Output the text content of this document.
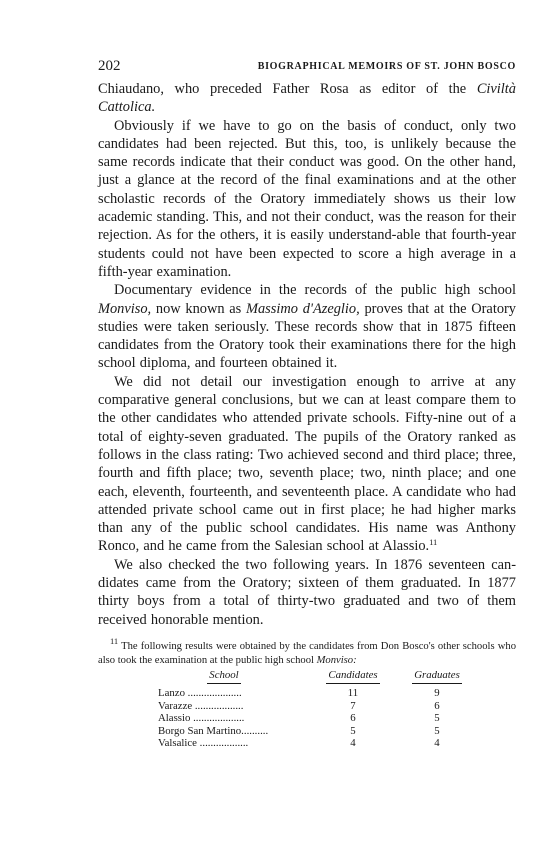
202	BIOGRAPHICAL MEMOIRS OF ST. JOHN BOSCO

Chiaudano, who preceded Father Rosa as editor of the Civiltà Cattolica.

Obviously if we have to go on the basis of conduct, only two candidates had been rejected. But this, too, is unlikely because the same records indicate that their conduct was good. On the other hand, just a glance at the record of the final examinations and at the other scholastic records of the Oratory immediately shows us their low academic standing. This, and not their conduct, was the reason for their rejection. As for the others, it is easily understand-able that fourth-year students could not have been expected to score a high average in a fifth-year examination.

Documentary evidence in the records of the public high school Monviso, now known as Massimo d'Azeglio, proves that at the Oratory studies were taken seriously. These records show that in 1875 fifteen candidates from the Oratory took their examinations there for the high school diploma, and fourteen obtained it.

We did not detail our investigation enough to arrive at any comparative general conclusions, but we can at least compare them to the other candidates who attended private schools. Fifty-nine out of a total of eighty-seven graduated. The pupils of the Oratory ranked as follows in the class rating: Two achieved second and third place; three, fourth and fifth place; two, seventh place; two, ninth place; and one each, eleventh, fourteenth, and seventeenth place. A candidate who had attended private school came out in first place; he had higher marks than any of the public school candidates. His name was Anthony Ronco, and he came from the Salesian school at Alassio.$^{11}$

We also checked the two following years. In 1876 seventeen can-didates came from the Oratory; sixteen of them graduated. In 1877 thirty boys from a total of thirty-two graduated and two of them received honorable mention.

$^{11}$ The following results were obtained by the candidates from Don Bosco's other schools who also took the examination at the public high school Monviso:

School	Candidates	Graduates
Lanzo ....................	11	9
Varazze ..................	7	6
Alassio ...................	6	5
Borgo San Martino..........	5	5
Valsalice ..................	4	4
